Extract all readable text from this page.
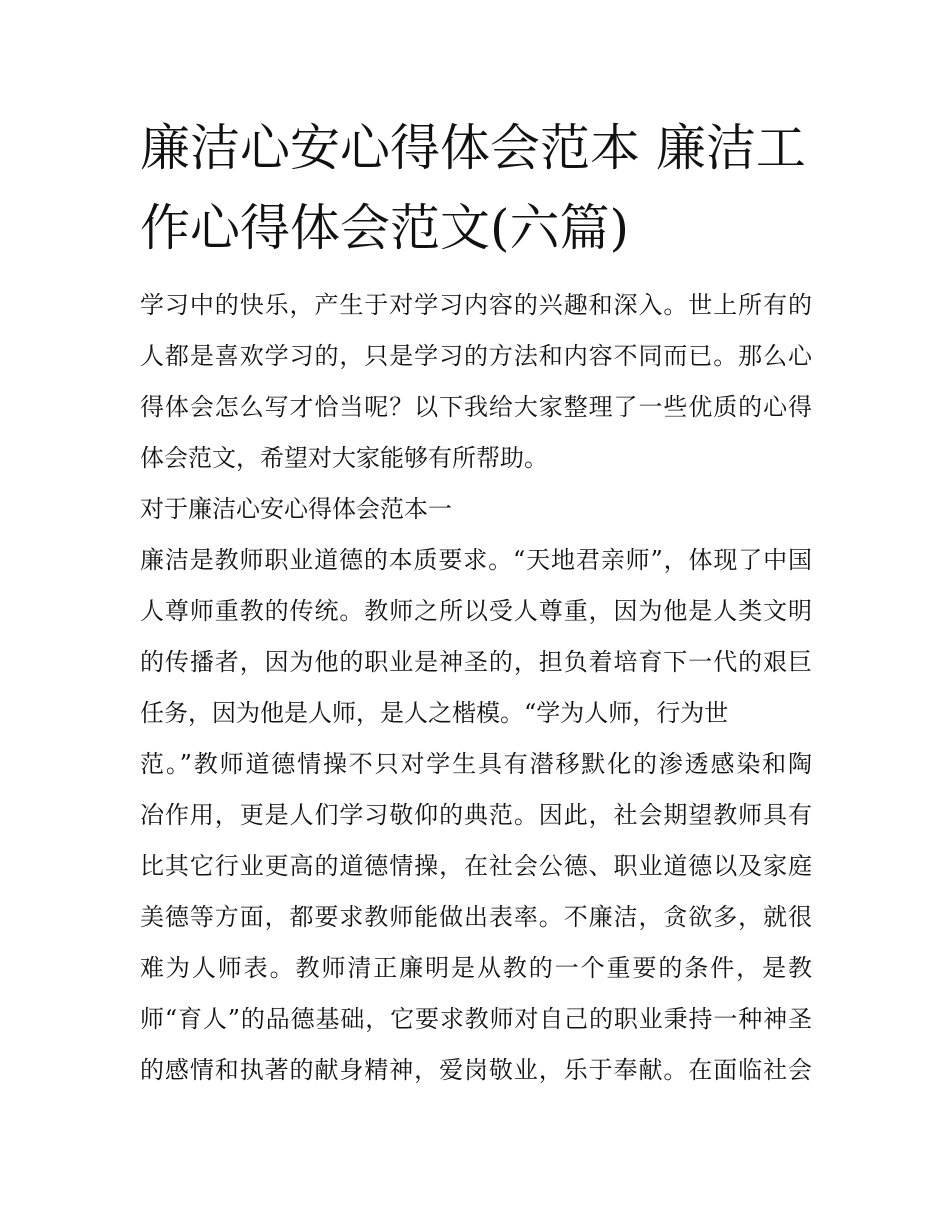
廉洁心安心得体会范本 廉洁工
作心得体会范文(六篇)
学习中的快乐，产生于对学习内容的兴趣和深入。世上所有的
人都是喜欢学习的，只是学习的方法和内容不同而已。那么心
得体会怎么写才恰当呢？以下我给大家整理了一些优质的心得
体会范文，希望对大家能够有所帮助。
对于廉洁心安心得体会范本一
廉洁是教师职业道德的本质要求。“天地君亲师”，体现了中国
人尊师重教的传统。教师之所以受人尊重，因为他是人类文明
的传播者，因为他的职业是神圣的，担负着培育下一代的艰巨
任务，因为他是人师，是人之楷模。“学为人师，行为世
范。”教师道德情操不只对学生具有潜移默化的渗透感染和陶
冶作用，更是人们学习敬仰的典范。因此，社会期望教师具有
比其它行业更高的道德情操，在社会公德、职业道德以及家庭
美德等方面，都要求教师能做出表率。不廉洁，贪欲多，就很
难为人师表。教师清正廉明是从教的一个重要的条件，是教
师“育人”的品德基础，它要求教师对自己的职业秉持一种神圣
的感情和执著的献身精神，爱岗敬业，乐于奉献。在面临社会
